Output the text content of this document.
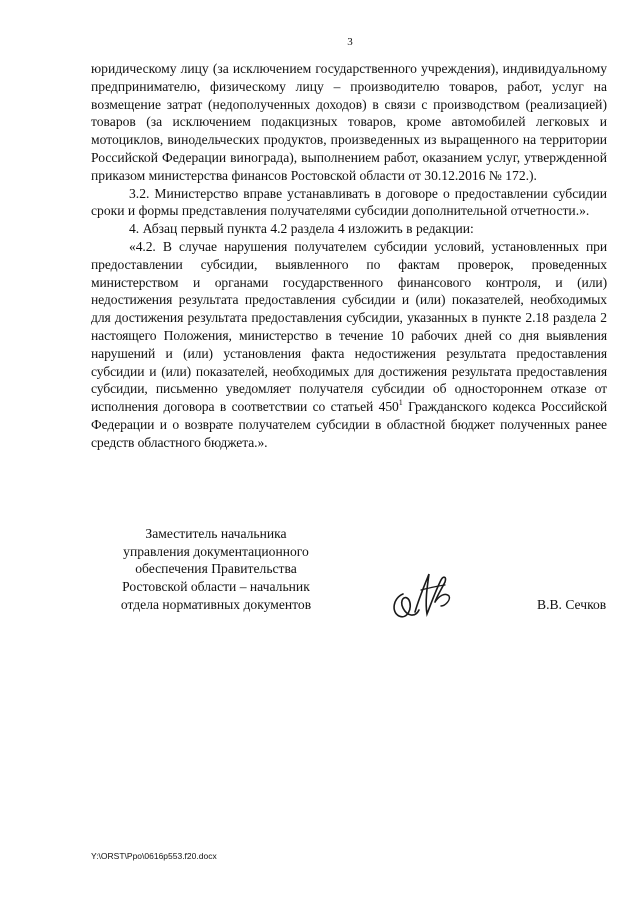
3

юридическому лицу (за исключением государственного учреждения), индивидуальному предпринимателю, физическому лицу – производителю товаров, работ, услуг на возмещение затрат (недополученных доходов) в связи с производством (реализацией) товаров (за исключением подакцизных товаров, кроме автомобилей легковых и мотоциклов, винодельческих продуктов, произведенных из выращенного на территории Российской Федерации винограда), выполнением работ, оказанием услуг, утвержденной приказом министерства финансов Ростовской области от 30.12.2016 № 172.).

3.2. Министерство вправе устанавливать в договоре о предоставлении субсидии сроки и формы представления получателями субсидии дополнительной отчетности.».

4. Абзац первый пункта 4.2 раздела 4 изложить в редакции:

«4.2. В случае нарушения получателем субсидии условий, установленных при предоставлении субсидии, выявленного по фактам проверок, проведенных министерством и органами государственного финансового контроля, и (или) недостижения результата предоставления субсидии и (или) показателей, необходимых для достижения результата предоставления субсидии, указанных в пункте 2.18 раздела 2 настоящего Положения, министерство в течение 10 рабочих дней со дня выявления нарушений и (или) установления факта недостижения результата предоставления субсидии и (или) показателей, необходимых для достижения результата предоставления субсидии, письменно уведомляет получателя субсидии об одностороннем отказе от исполнения договора в соответствии со статьей 450$^1$ Гражданского кодекса Российской Федерации и о возврате получателем субсидии в областной бюджет полученных ранее средств областного бюджета.».

Заместитель начальника
управления документационного
обеспечения Правительства
Ростовской области – начальник
отдела нормативных документов	В.В. Сечков
Y:\ORST\Ppo\0616p553.f20.docx
